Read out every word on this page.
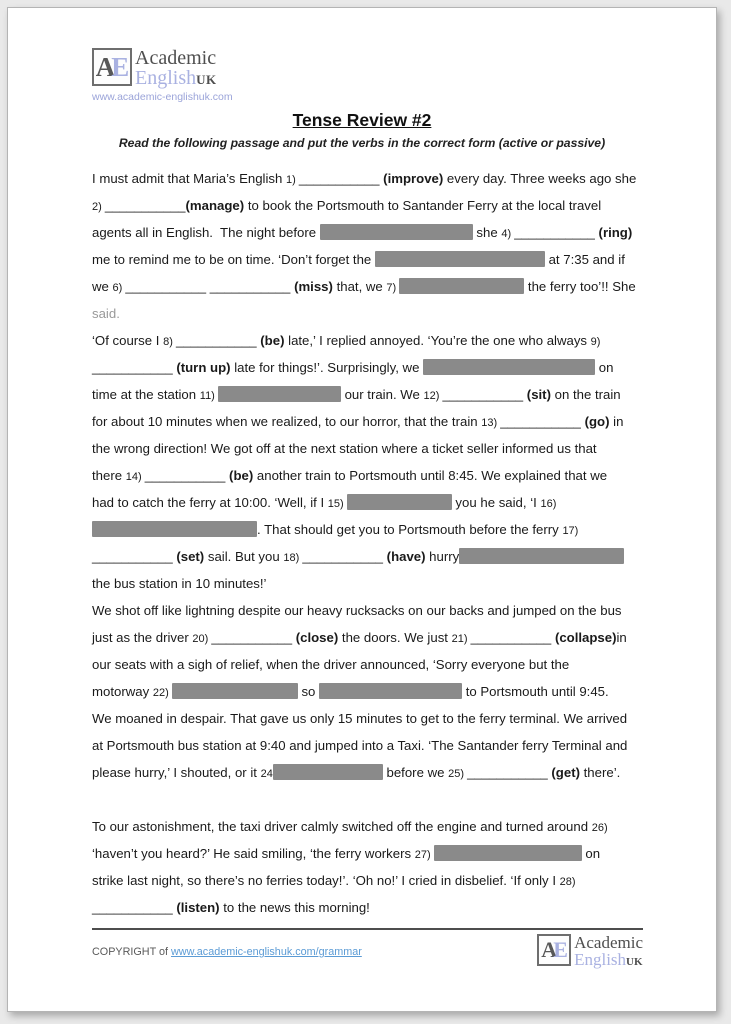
A
E Academic
EnglishUK
www.academic-englishuk.com
Tense Review #2
Read the following passage and put the verbs in the correct form (active or passive)
I must admit that Maria’s English 1) ___________ (improve) every day. Three weeks ago she
2) ___________(manage) to book the Portsmouth to Santander Ferry at the local travel
agents all in English.  The night before	she 4) ___________ (ring)
me to remind me to be on time. ‘Don’t forget the	at 7:35 and if
we 6) ___________ ___________ (miss) that, we 7)	the ferry too’!! She
said.
‘Of course I 8) ___________ (be) late,’ I replied annoyed. ‘You’re the one who always 9)
___________ (turn up) late for things!’. Surprisingly, we	on
time at the station 11)	our train. We 12) ___________ (sit) on the train
for about 10 minutes when we realized, to our horror, that the train 13) ___________ (go) in
the wrong direction! We got off at the next station where a ticket seller informed us that
there 14) ___________ (be) another train to Portsmouth until 8:45. We explained that we
had to catch the ferry at 10:00. ‘Well, if I 15)	you he said, ‘I 16)
. That should get you to Portsmouth before the ferry 17)
___________ (set) sail. But you 18) ___________ (have) hurry
the bus station in 10 minutes!’
We shot off like lightning despite our heavy rucksacks on our backs and jumped on the bus
just as the driver 20) ___________ (close) the doors. We just 21) ___________ (collapse)in
our seats with a sigh of relief, when the driver announced, ‘Sorry everyone but the
motorway 22)	so	to Portsmouth until 9:45.
We moaned in despair. That gave us only 15 minutes to get to the ferry terminal. We arrived
at Portsmouth bus station at 9:40 and jumped into a Taxi. ‘The Santander ferry Terminal and
please hurry,’ I shouted, or it 24	before we 25) ___________ (get) there’.

To our astonishment, the taxi driver calmly switched off the engine and turned around 26)
‘haven’t you heard?’ He said smiling, ‘the ferry workers 27)	on
strike last night, so there’s no ferries today!’. ‘Oh no!’ I cried in disbelief. ‘If only I 28)
___________ (listen) to the news this morning!
COPYRIGHT of www.academic-englishuk.com/grammar	A
E Academic
EnglishUK
